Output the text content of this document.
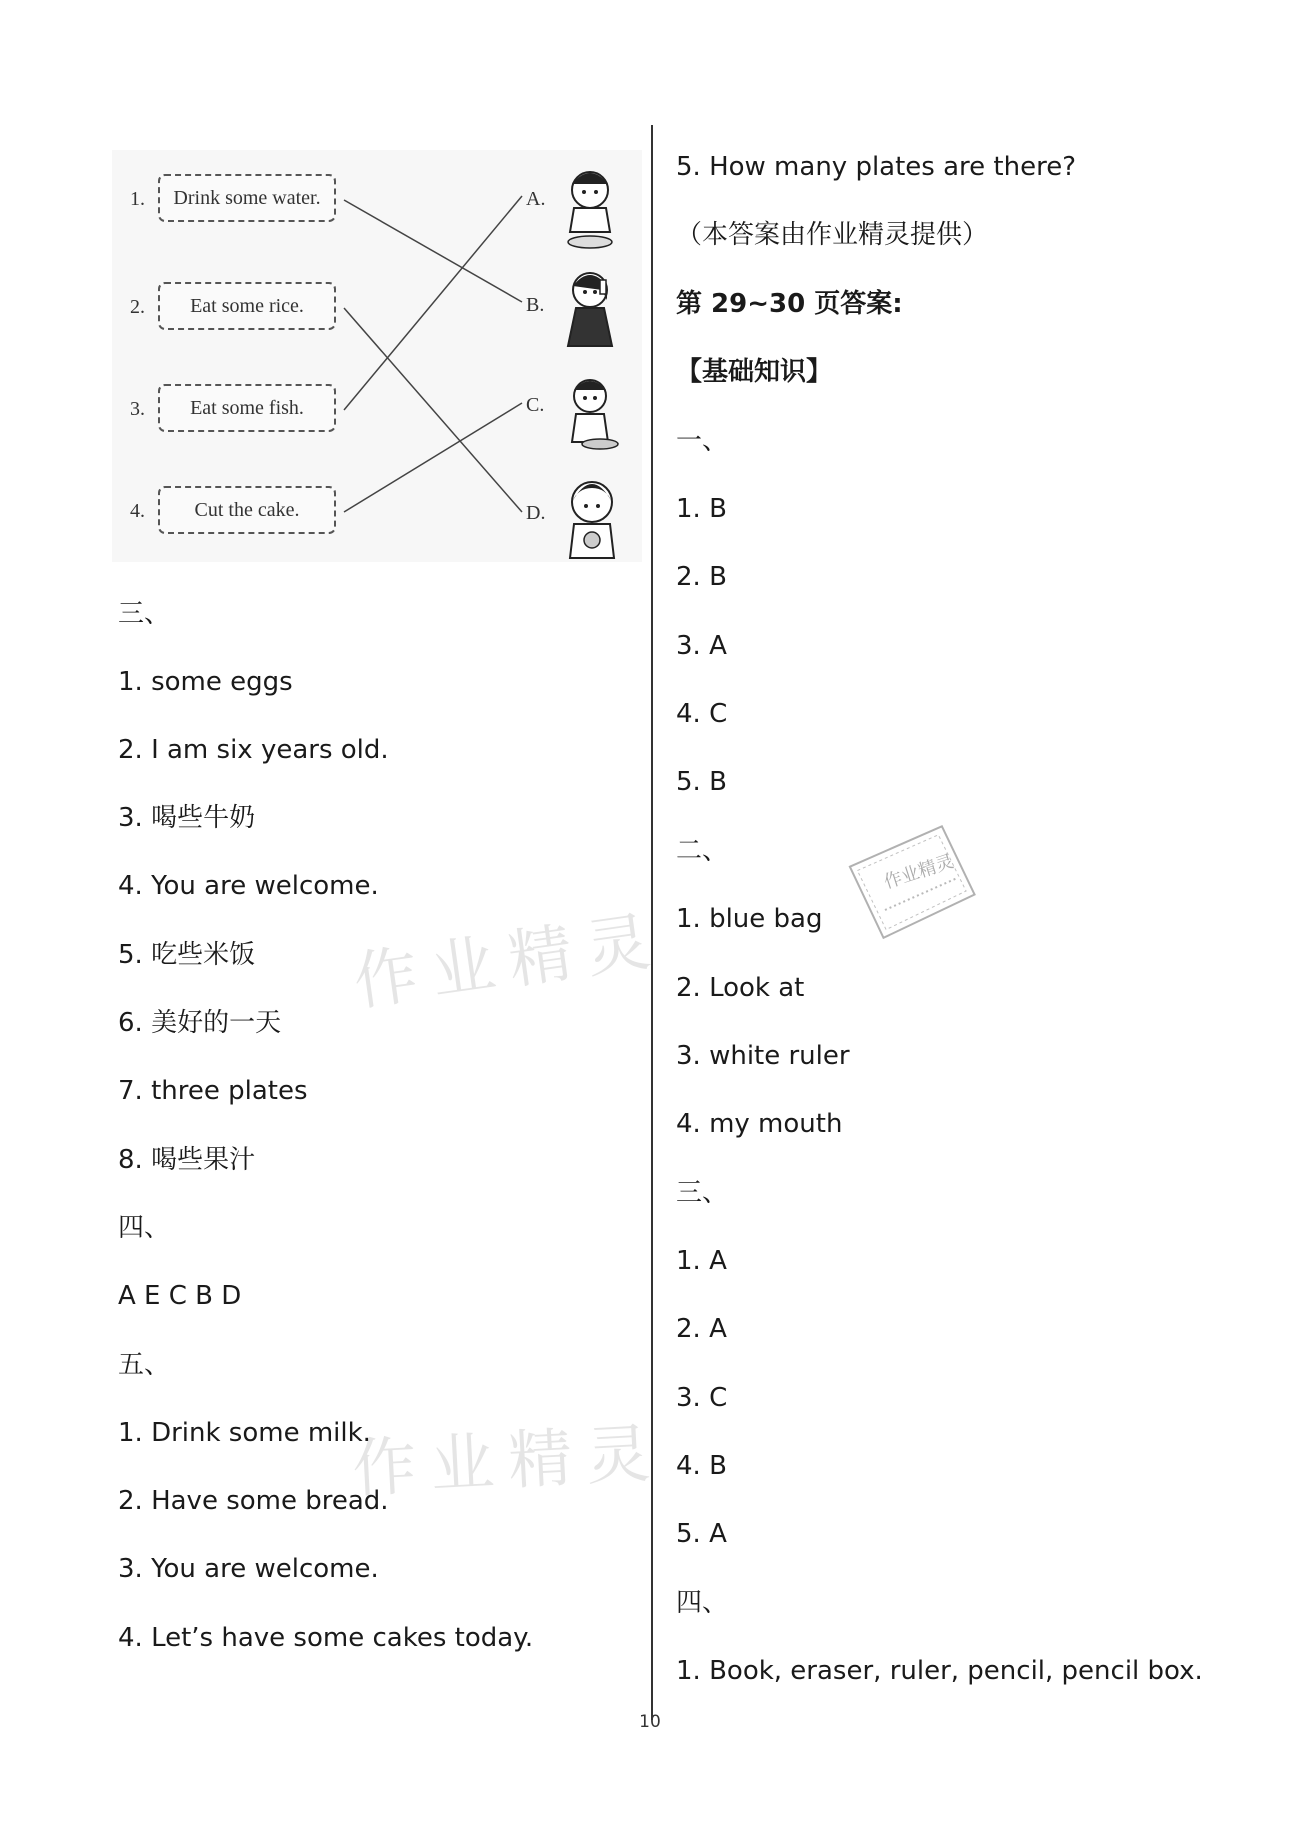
1. Drink some water.
2. Eat some rice.
3. Eat some fish.
4. Cut the cake.
A.
B.
C.
D.
三、
1. some eggs
2. I am six years old.
3. 喝些牛奶
4. You are welcome.
5. 吃些米饭
6. 美好的一天
7. three plates
8. 喝些果汁
四、
A E C B D
五、
1. Drink some milk.
2. Have some bread.
3. You are welcome.
4. Let’s have some cakes today.
5. How many plates are there?
（本答案由作业精灵提供）
第 29~30 页答案:
【基础知识】
一、
1. B
2. B
3. A
4. C
5. B
二、
1. blue bag
2. Look at
3. white ruler
4. my mouth
三、
1. A
2. A
3. C
4. B
5. A
四、
1. Book, eraser, ruler, pencil, pencil box.
作业精灵
作业精灵
作业精灵
10
